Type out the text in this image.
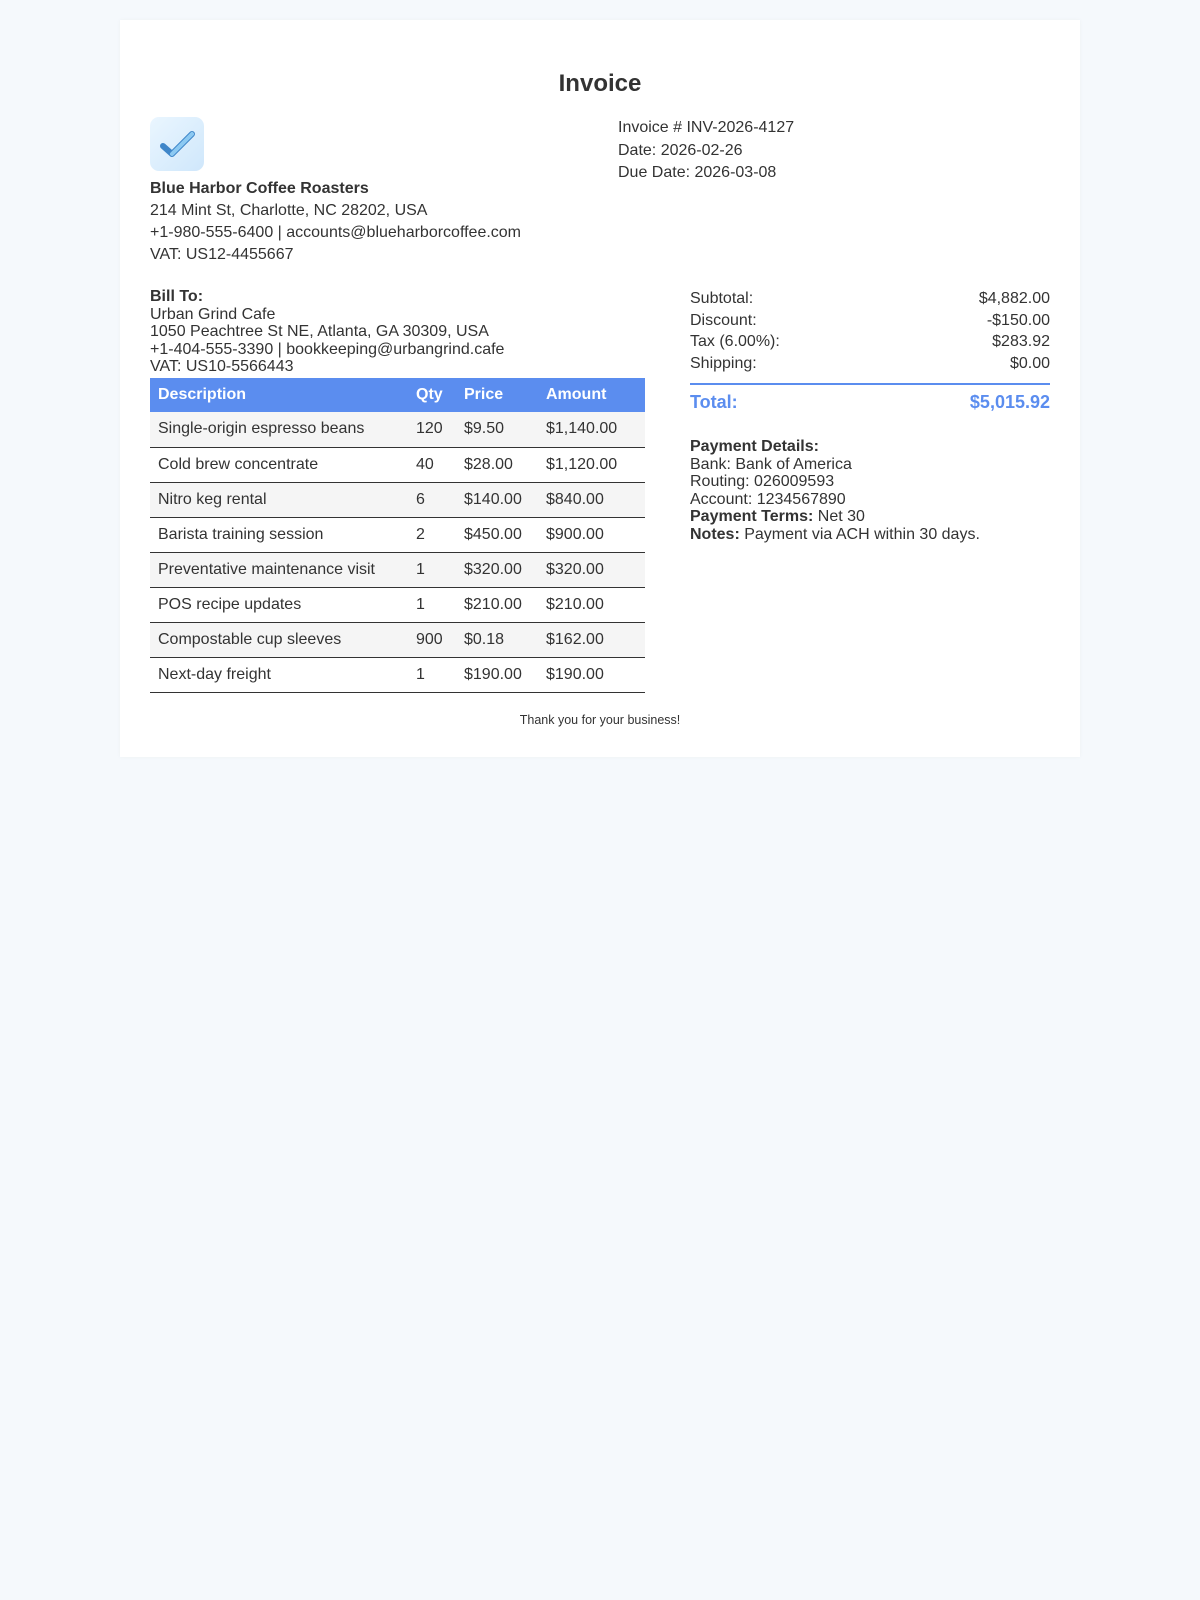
Invoice
Blue Harbor Coffee Roasters
214 Mint St, Charlotte, NC 28202, USA
+1-980-555-6400 | accounts@blueharborcoffee.com
VAT: US12-4455667
Invoice # INV-2026-4127
Date: 2026-02-26
Due Date: 2026-03-08
Bill To:
Urban Grind Cafe
1050 Peachtree St NE, Atlanta, GA 30309, USA
+1-404-555-3390 | bookkeeping@urbangrind.cafe
VAT: US10-5566443
Description	Qty	Price	Amount
Single-origin espresso beans	120	$9.50	$1,140.00
Cold brew concentrate	40	$28.00	$1,120.00
Nitro keg rental	6	$140.00	$840.00
Barista training session	2	$450.00	$900.00
Preventative maintenance visit	1	$320.00	$320.00
POS recipe updates	1	$210.00	$210.00
Compostable cup sleeves	900	$0.18	$162.00
Next-day freight	1	$190.00	$190.00
Subtotal:	$4,882.00
Discount:	-$150.00
Tax (6.00%):	$283.92
Shipping:	$0.00
Total:	$5,015.92
Payment Details:
Bank: Bank of America
Routing: 026009593
Account: 1234567890
Payment Terms: Net 30
Notes: Payment via ACH within 30 days.
Thank you for your business!
